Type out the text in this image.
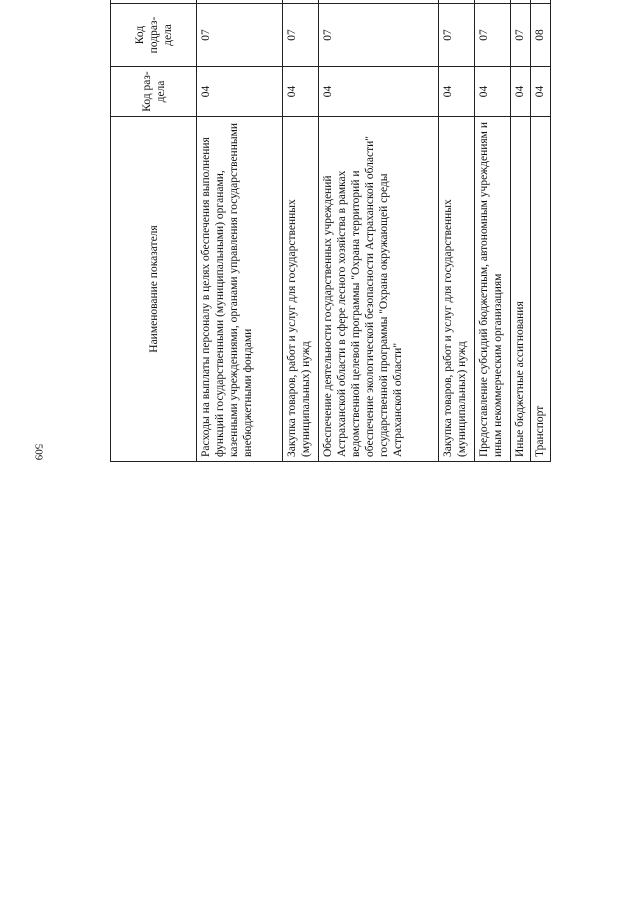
509
Наименование показателя	Код раз-дела	Код подраз-дела				
Расходы на выплаты персоналу в целях обеспечения выполнения функций государственными (муниципальными) органами, казенными учреждениями, органами управления государственными внебюджетными фондами	04	07				
Закупка товаров, работ и услуг для государственных (муниципальных) нужд	04	07				
Обеспечение деятельности государственных учреждений Астраханской области в сфере лесного хозяйства в рамках ведомственной целевой программы "Охрана территорий и обеспечение экологической безопасности Астраханской области" государственной программы "Охрана окружающей среды Астраханской области"	04	07				
Закупка товаров, работ и услуг для государственных (муниципальных) нужд	04	07				
Предоставление субсидий бюджетным, автономным учреждениям и иным некоммерческим организациям	04	07				
Иные бюджетные ассигнования	04	07				
Транспорт	04	08				
